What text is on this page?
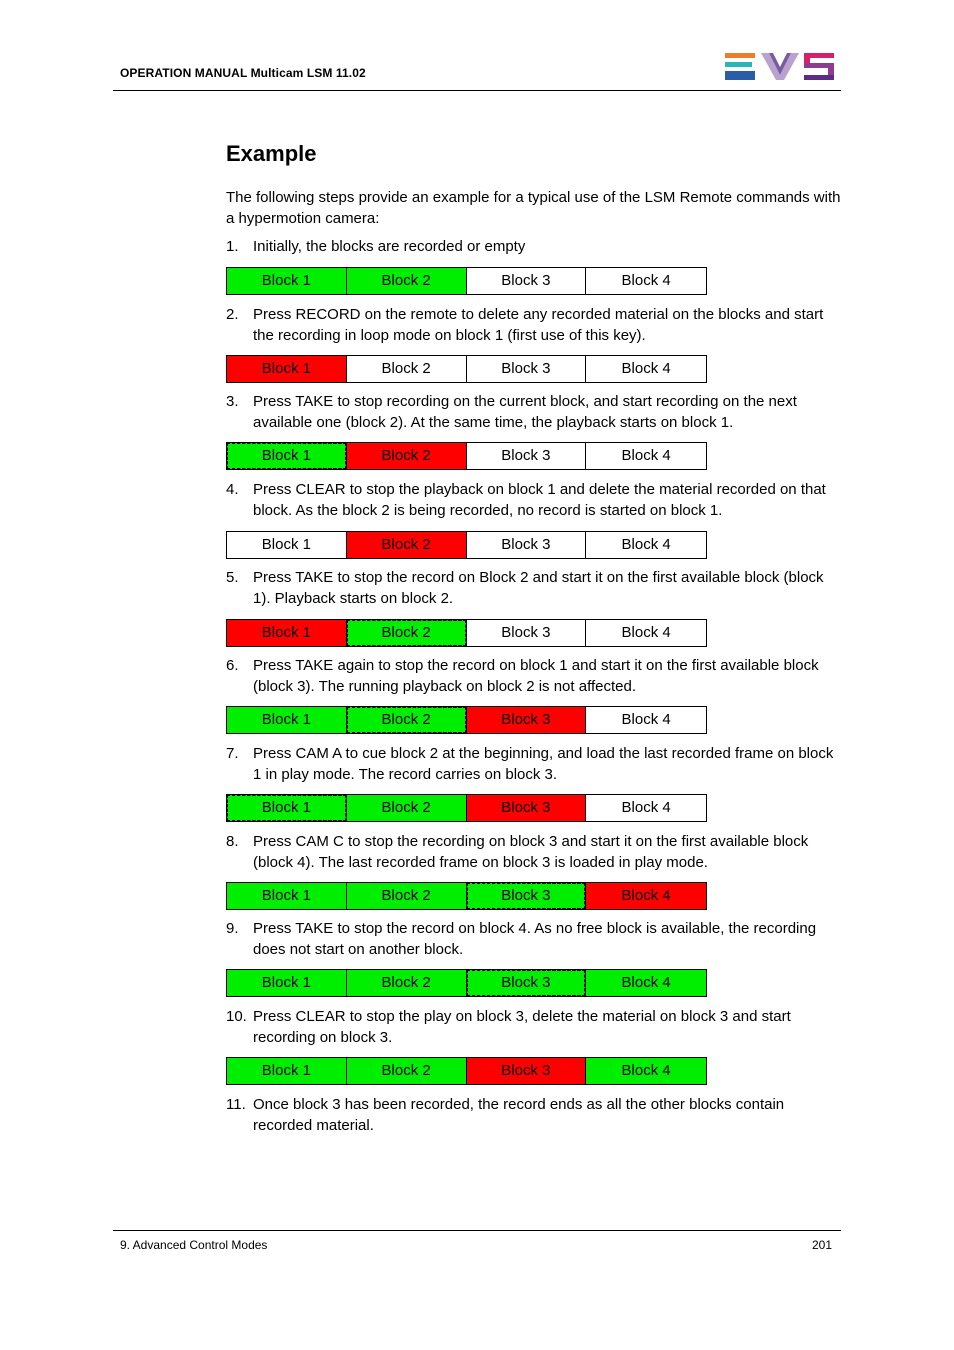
OPERATION MANUAL Multicam LSM 11.02
Example
The following steps provide an example for a typical use of the LSM Remote commands with a hypermotion camera:
1. Initially, the blocks are recorded or empty
Block 1	Block 2	Block 3	Block 4
2. Press RECORD on the remote to delete any recorded material on the blocks and start the recording in loop mode on block 1 (first use of this key).
Block 1	Block 2	Block 3	Block 4
3. Press TAKE to stop recording on the current block, and start recording on the next available one (block 2). At the same time, the playback starts on block 1.
Block 1	Block 2	Block 3	Block 4
4. Press CLEAR to stop the playback on block 1 and delete the material recorded on that block. As the block 2 is being recorded, no record is started on block 1.
Block 1	Block 2	Block 3	Block 4
5. Press TAKE to stop the record on Block 2 and start it on the first available block (block 1). Playback starts on block 2.
Block 1	Block 2	Block 3	Block 4
6. Press TAKE again to stop the record on block 1 and start it on the first available block (block 3). The running playback on block 2 is not affected.
Block 1	Block 2	Block 3	Block 4
7. Press CAM A to cue block 2 at the beginning, and load the last recorded frame on block 1 in play mode. The record carries on block 3.
Block 1	Block 2	Block 3	Block 4
8. Press CAM C to stop the recording on block 3 and start it on the first available block (block 4). The last recorded frame on block 3 is loaded in play mode.
Block 1	Block 2	Block 3	Block 4
9. Press TAKE to stop the record on block 4. As no free block is available, the recording does not start on another block.
Block 1	Block 2	Block 3	Block 4
10. Press CLEAR to stop the play on block 3, delete the material on block 3 and start recording on block 3.
Block 1	Block 2	Block 3	Block 4
11. Once block 3 has been recorded, the record ends as all the other blocks contain recorded material.
9. Advanced Control Modes	201
